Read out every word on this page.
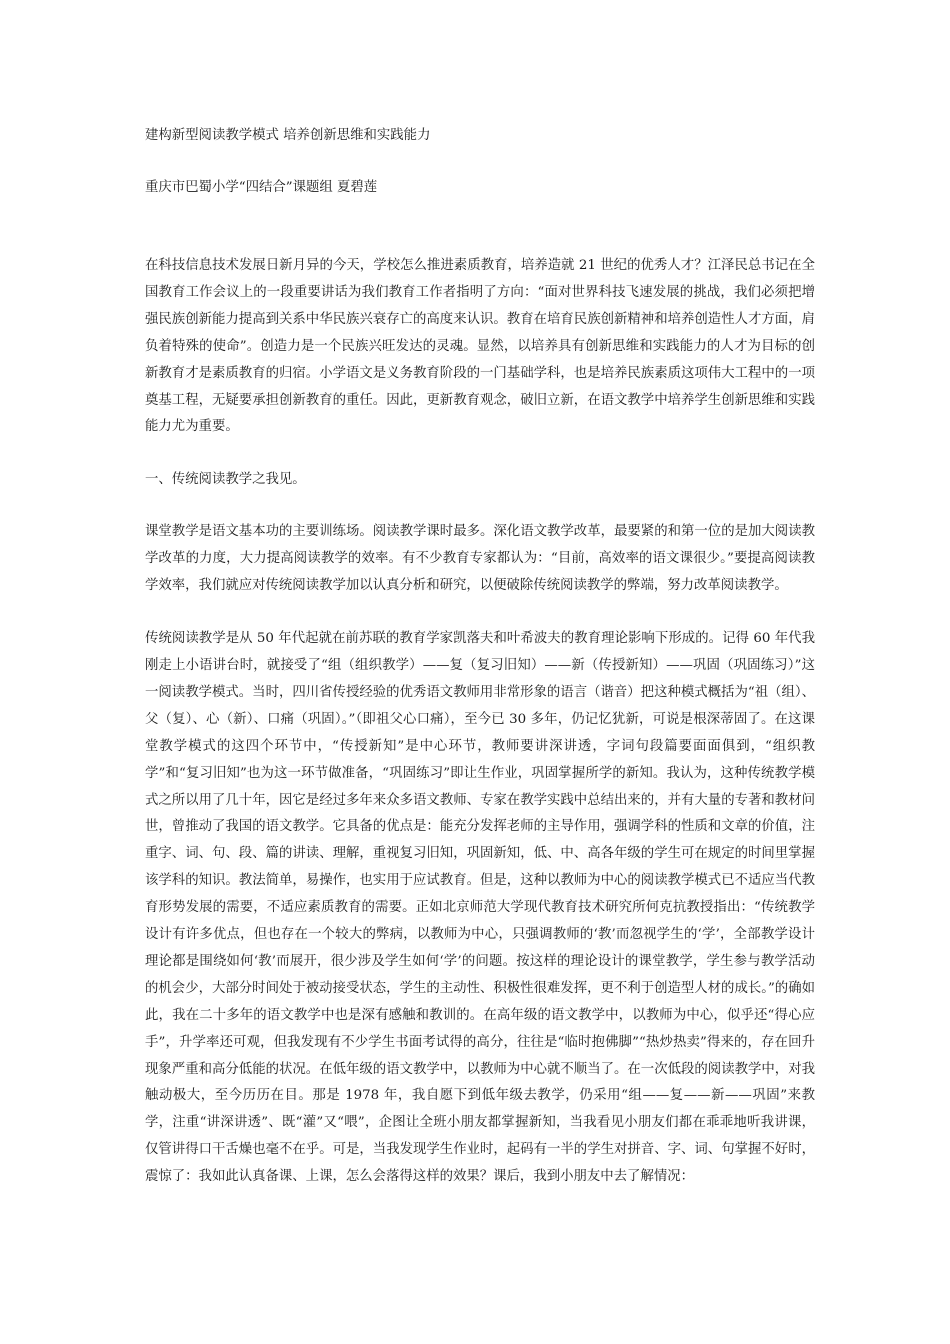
建构新型阅读教学模式 培养创新思维和实践能力

重庆市巴蜀小学“四结合”课题组 夏碧莲

在科技信息技术发展日新月异的今天，学校怎么推进素质教育，培养造就 21 世纪的优秀人才？江泽民总书记在全国教育工作会议上的一段重要讲话为我们教育工作者指明了方向：“面对世界科技飞速发展的挑战，我们必须把增强民族创新能力提高到关系中华民族兴衰存亡的高度来认识。教育在培育民族创新精神和培养创造性人才方面，肩负着特殊的使命”。创造力是一个民族兴旺发达的灵魂。显然，以培养具有创新思维和实践能力的人才为目标的创新教育才是素质教育的归宿。小学语文是义务教育阶段的一门基础学科，也是培养民族素质这项伟大工程中的一项奠基工程，无疑要承担创新教育的重任。因此，更新教育观念，破旧立新，在语文教学中培养学生创新思维和实践能力尤为重要。

一、传统阅读教学之我见。

课堂教学是语文基本功的主要训练场。阅读教学课时最多。深化语文教学改革，最要紧的和第一位的是加大阅读教学改革的力度，大力提高阅读教学的效率。有不少教育专家都认为：“目前，高效率的语文课很少。”要提高阅读教学效率，我们就应对传统阅读教学加以认真分析和研究，以便破除传统阅读教学的弊端，努力改革阅读教学。

传统阅读教学是从 50 年代起就在前苏联的教育学家凯落夫和叶希波夫的教育理论影响下形成的。记得 60 年代我刚走上小语讲台时，就接受了“组（组织教学）——复（复习旧知）——新（传授新知）——巩固（巩固练习）”这一阅读教学模式。当时，四川省传授经验的优秀语文教师用非常形象的语言（谐音）把这种模式概括为“祖（组）、父（复）、心（新）、口痛（巩固）。”（即祖父心口痛），至今已 30 多年，仍记忆犹新，可说是根深蒂固了。在这课堂教学模式的这四个环节中，“传授新知”是中心环节，教师要讲深讲透，字词句段篇要面面俱到，“组织教学”和“复习旧知”也为这一环节做准备，“巩固练习”即让生作业，巩固掌握所学的新知。我认为，这种传统教学模式之所以用了几十年，因它是经过多年来众多语文教师、专家在教学实践中总结出来的，并有大量的专著和教材问世，曾推动了我国的语文教学。它具备的优点是：能充分发挥老师的主导作用，强调学科的性质和文章的价值，注重字、词、句、段、篇的讲读、理解，重视复习旧知，巩固新知，低、中、高各年级的学生可在规定的时间里掌握该学科的知识。教法简单，易操作，也实用于应试教育。但是，这种以教师为中心的阅读教学模式已不适应当代教育形势发展的需要，不适应素质教育的需要。正如北京师范大学现代教育技术研究所何克抗教授指出：“传统教学设计有许多优点，但也存在一个较大的弊病，以教师为中心，只强调教师的‘教’而忽视学生的‘学’，全部教学设计理论都是围绕如何‘教’而展开，很少涉及学生如何‘学’的问题。按这样的理论设计的课堂教学，学生参与教学活动的机会少，大部分时间处于被动接受状态，学生的主动性、积极性很难发挥，更不利于创造型人材的成长。”的确如此，我在二十多年的语文教学中也是深有感触和教训的。在高年级的语文教学中，以教师为中心，似乎还“得心应手”，升学率还可观，但我发现有不少学生书面考试得的高分，往往是“临时抱佛脚”“热炒热卖”得来的，存在回升现象严重和高分低能的状况。在低年级的语文教学中，以教师为中心就不顺当了。在一次低段的阅读教学中，对我触动极大，至今历历在目。那是 1978 年，我自愿下到低年级去教学，仍采用“组——复——新——巩固”来教学，注重“讲深讲透”、既“灌”又“喂”，企图让全班小朋友都掌握新知，当我看见小朋友们都在乖乖地听我讲课，仅管讲得口干舌燥也毫不在乎。可是，当我发现学生作业时，起码有一半的学生对拼音、字、词、句掌握不好时，震惊了：我如此认真备课、上课，怎么会落得这样的效果？课后，我到小朋友中去了解情况：
